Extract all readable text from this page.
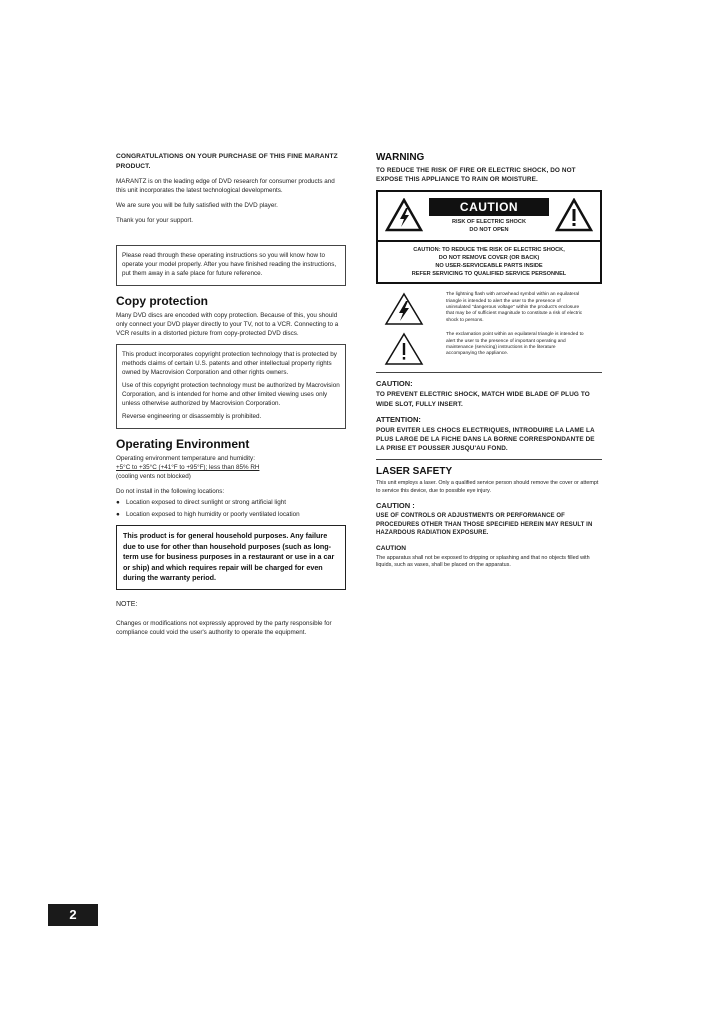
CONGRATULATIONS ON YOUR PURCHASE OF THIS FINE MARANTZ PRODUCT.

MARANTZ is on the leading edge of DVD research for consumer products and this unit incorporates the latest technological developments.

We are sure you will be fully satisfied with the DVD player.

Thank you for your support.

Please read through these operating instructions so you will know how to operate your model properly. After you have finished reading the instructions, put them away in a safe place for future reference.

Copy protection

Many DVD discs are encoded with copy protection. Because of this, you should only connect your DVD player directly to your TV, not to a VCR. Connecting to a VCR results in a distorted picture from copy-protected DVD discs.

This product incorporates copyright protection technology that is protected by methods claims of certain U.S. patents and other intellectual property rights owned by Macrovision Corporation and other rights owners.

Use of this copyright protection technology must be authorized by Macrovision Corporation, and is intended for home and other limited viewing uses only unless otherwise authorized by Macrovision Corporation.

Reverse engineering or disassembly is prohibited.

Operating Environment

Operating environment temperature and humidity:

+5°C to +35°C (+41°F to +95°F); less than 85% RH

(cooling vents not blocked)

Do not install in the following locations:

● Location exposed to direct sunlight or strong artificial light
● Location exposed to high humidity or poorly ventilated location

This product is for general household purposes. Any failure due to use for other than household purposes (such as long-term use for business purposes in a restaurant or use in a car or ship) and which requires repair will be charged for even during the warranty period.

NOTE:

Changes or modifications not expressly approved by the party responsible for compliance could void the user's authority to operate the equipment.

WARNING

TO REDUCE THE RISK OF FIRE OR ELECTRIC SHOCK, DO NOT EXPOSE THIS APPLIANCE TO RAIN OR MOISTURE.

CAUTION
RISK OF ELECTRIC SHOCK
DO NOT OPEN
CAUTION: TO REDUCE THE RISK OF ELECTRIC SHOCK,
DO NOT REMOVE COVER (OR BACK)
NO USER-SERVICEABLE PARTS INSIDE
REFER SERVICING TO QUALIFIED SERVICE PERSONNEL

The lightning flash with arrowhead symbol within an equilateral triangle is intended to alert the user to the presence of uninsulated "dangerous voltage" within the product's enclosure that may be of sufficient magnitude to constitute a risk of electric shock to persons.

The exclamation point within an equilateral triangle is intended to alert the user to the presence of important operating and maintenance (servicing) instructions in the literature accompanying the appliance.

CAUTION:

TO PREVENT ELECTRIC SHOCK, MATCH WIDE BLADE OF PLUG TO WIDE SLOT, FULLY INSERT.

ATTENTION:

POUR EVITER LES CHOCS ELECTRIQUES, INTRODUIRE LA LAME LA PLUS LARGE DE LA FICHE DANS LA BORNE CORRESPONDANTE DE LA PRISE ET POUSSER JUSQU'AU FOND.

LASER SAFETY

This unit employs a laser. Only a qualified service person should remove the cover or attempt to service this device, due to possible eye injury.

CAUTION :

USE OF CONTROLS OR ADJUSTMENTS OR PERFORMANCE OF PROCEDURES OTHER THAN THOSE SPECIFIED HEREIN MAY RESULT IN HAZARDOUS RADIATION EXPOSURE.

CAUTION

The apparatus shall not be exposed to dripping or splashing and that no objects filled with liquids, such as vases, shall be placed on the apparatus.

2
